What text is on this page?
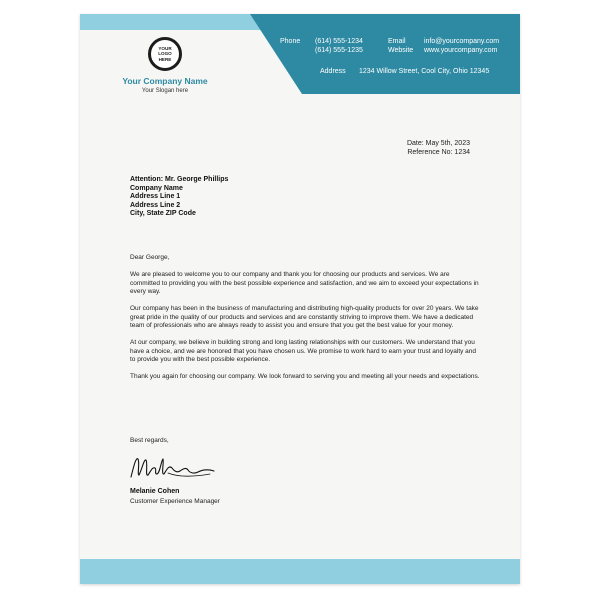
Phone (614) 555-1234
(614) 555-1235
Email	info@yourcompany.com
Website www.yourcompany.com
Address 1234 Willow Street, Cool City, Ohio 12345
YOUR
LOGO
HERE
Your Company Name
Your Slogan here
Date: May 5th, 2023
Reference No: 1234
Attention: Mr. George Phillips
Company Name
Address Line 1
Address Line 2
City, State ZIP Code

Dear George,

We are pleased to welcome you to our company and thank you for choosing our products and services. We are committed to providing you with the best possible experience and satisfaction, and we aim to exceed your expectations in every way.

Our company has been in the business of manufacturing and distributing high-quality products for over 20 years. We take great pride in the quality of our products and services and are constantly striving to improve them. We have a dedicated team of professionals who are always ready to assist you and ensure that you get the best value for your money.

At our company, we believe in building strong and long lasting relationships with our customers. We understand that you have a choice, and we are honored that you have chosen us. We promise to work hard to earn your trust and loyalty and to provide you with the best possible experience.

Thank you again for choosing our company. We look forward to serving you and meeting all your needs and expectations.

Best regards,
Melanie Cohen
Customer Experience Manager
